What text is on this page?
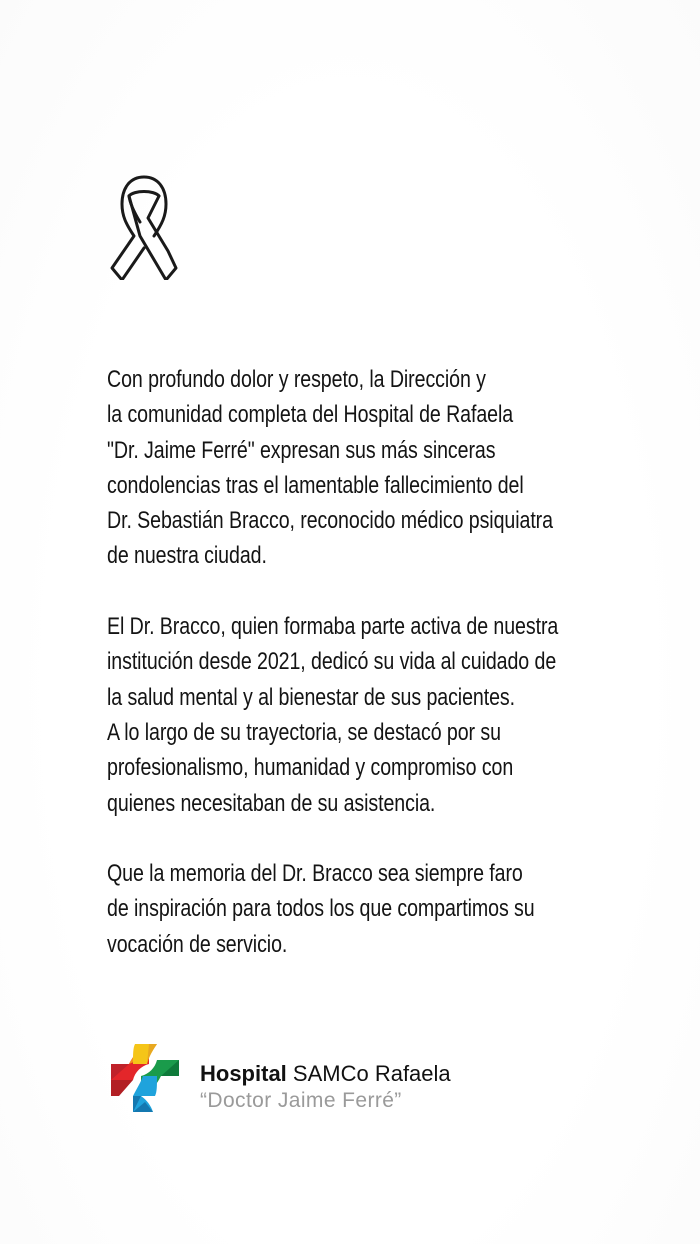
Con profundo dolor y respeto, la Dirección y
la comunidad completa del Hospital de Rafaela
"Dr. Jaime Ferré" expresan sus más sinceras
condolencias tras el lamentable fallecimiento del
Dr. Sebastián Bracco, reconocido médico psiquiatra
de nuestra ciudad.

El Dr. Bracco, quien formaba parte activa de nuestra
institución desde 2021, dedicó su vida al cuidado de
la salud mental y al bienestar de sus pacientes.
A lo largo de su trayectoria, se destacó por su
profesionalismo, humanidad y compromiso con
quienes necesitaban de su asistencia.

Que la memoria del Dr. Bracco sea siempre faro
de inspiración para todos los que compartimos su
vocación de servicio.

Hospital SAMCo Rafaela
“Doctor Jaime Ferré”
